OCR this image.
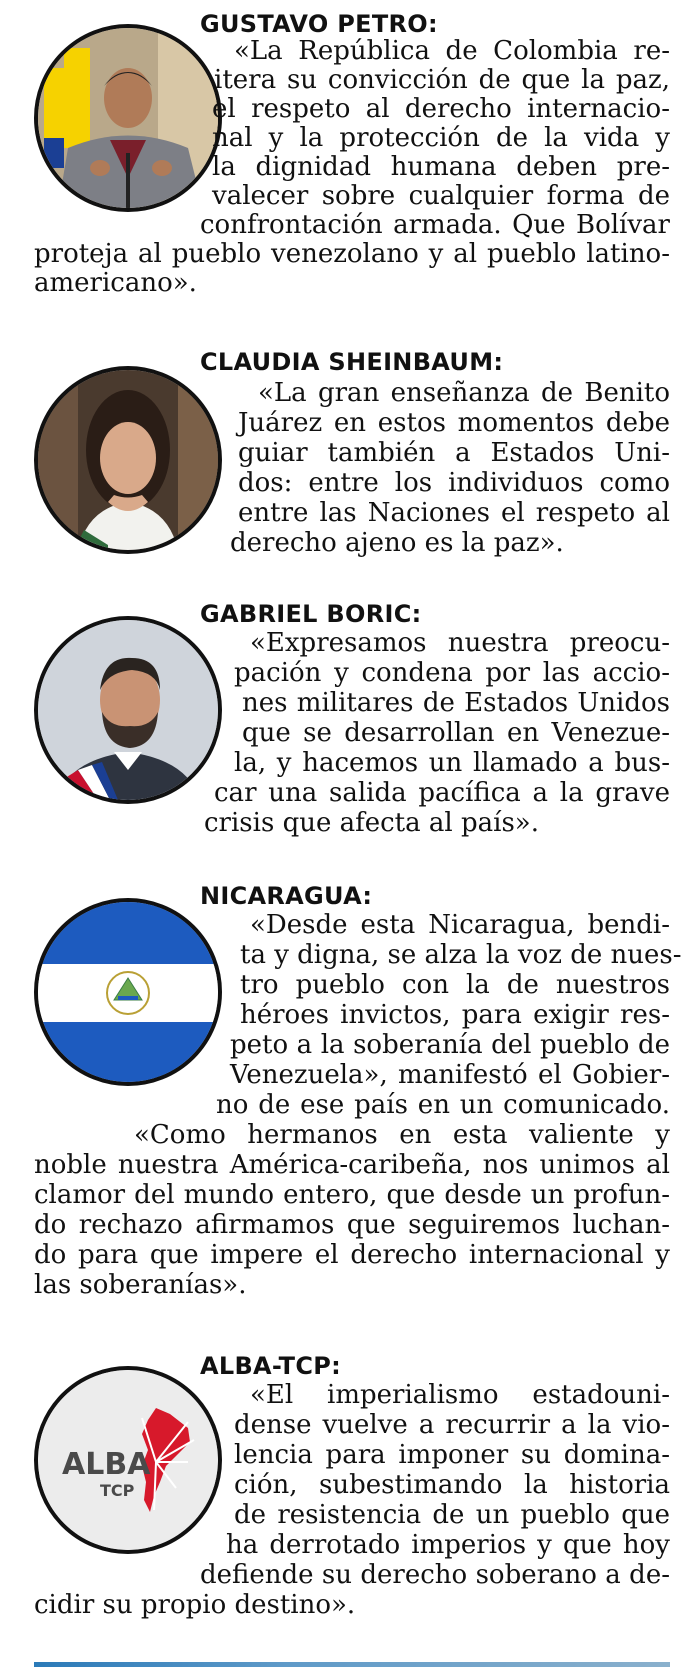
GUSTAVO PETRO:
«La República de Colombia re-
itera su convicción de que la paz,
el respeto al derecho internacio-
nal y la protección de la vida y
la dignidad humana deben pre-
valecer sobre cualquier forma de
confrontación armada. Que Bolívar
proteja al pueblo venezolano y al pueblo latino-
americano».
CLAUDIA SHEINBAUM:
«La gran enseñanza de Benito
Juárez en estos momentos debe
guiar también a Estados Uni-
dos: entre los individuos como
entre las Naciones el respeto al
derecho ajeno es la paz».
GABRIEL BORIC:
«Expresamos nuestra preocu-
pación y condena por las accio-
nes militares de Estados Unidos
que se desarrollan en Venezue-
la, y hacemos un llamado a bus-
car una salida pacífica a la grave
crisis que afecta al país».
NICARAGUA:
«Desde esta Nicaragua, bendi-
ta y digna, se alza la voz de nues-
tro pueblo con la de nuestros
héroes invictos, para exigir res-
peto a la soberanía del pueblo de
Venezuela», manifestó el Gobier-
no de ese país en un comunicado.
«Como hermanos en esta valiente y
noble nuestra América-caribeña, nos unimos al
clamor del mundo entero, que desde un profun-
do rechazo afirmamos que seguiremos luchan-
do para que impere el derecho internacional y
las soberanías».
ALBA-TCP:
ALBA
TCP
«El imperialismo estadouni-
dense vuelve a recurrir a la vio-
lencia para imponer su domina-
ción, subestimando la historia
de resistencia de un pueblo que
ha derrotado imperios y que hoy
defiende su derecho soberano a de-
cidir su propio destino».
